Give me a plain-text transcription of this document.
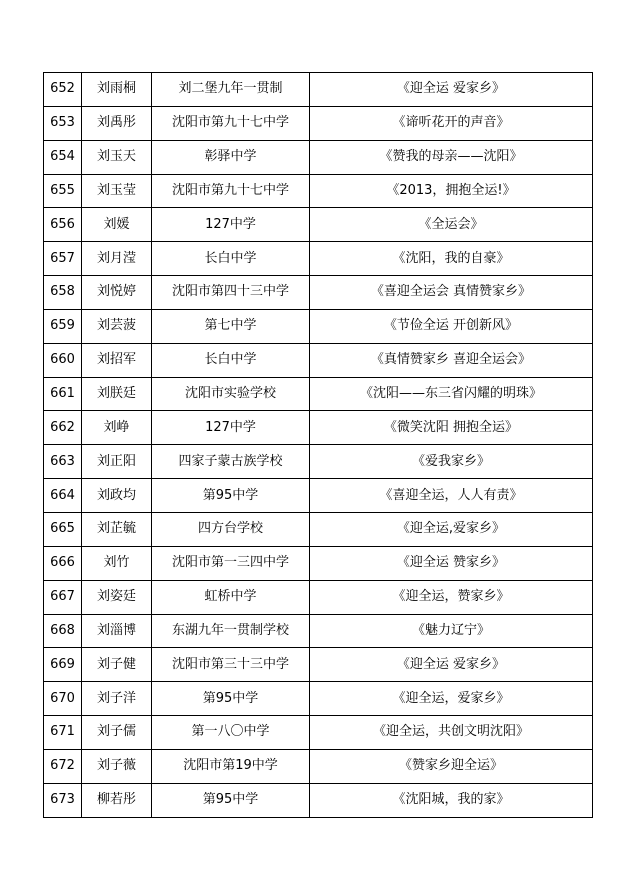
652	刘雨桐	刘二堡九年一贯制	《迎全运 爱家乡》
653	刘禹彤	沈阳市第九十七中学	《谛听花开的声音》
654	刘玉天	彰驿中学	《赞我的母亲——沈阳》
655	刘玉莹	沈阳市第九十七中学	《2013，拥抱全运!》
656	刘媛	127中学	《全运会》
657	刘月滢	长白中学	《沈阳，我的自豪》
658	刘悦婷	沈阳市第四十三中学	《喜迎全运会 真情赞家乡》
659	刘芸菠	第七中学	《节俭全运 开创新风》
660	刘招军	长白中学	《真情赞家乡 喜迎全运会》
661	刘朕廷	沈阳市实验学校	《沈阳——东三省闪耀的明珠》
662	刘峥	127中学	《微笑沈阳 拥抱全运》
663	刘正阳	四家子蒙古族学校	《爱我家乡》
664	刘政均	第95中学	《喜迎全运，人人有责》
665	刘芷毓	四方台学校	《迎全运,爱家乡》
666	刘竹	沈阳市第一三四中学	《迎全运 赞家乡》
667	刘姿廷	虹桥中学	《迎全运，赞家乡》
668	刘淄博	东湖九年一贯制学校	《魅力辽宁》
669	刘子健	沈阳市第三十三中学	《迎全运 爱家乡》
670	刘子洋	第95中学	《迎全运，爱家乡》
671	刘子儒	第一八〇中学	《迎全运，共创文明沈阳》
672	刘子薇	沈阳市第19中学	《赞家乡迎全运》
673	柳若彤	第95中学	《沈阳城，我的家》
